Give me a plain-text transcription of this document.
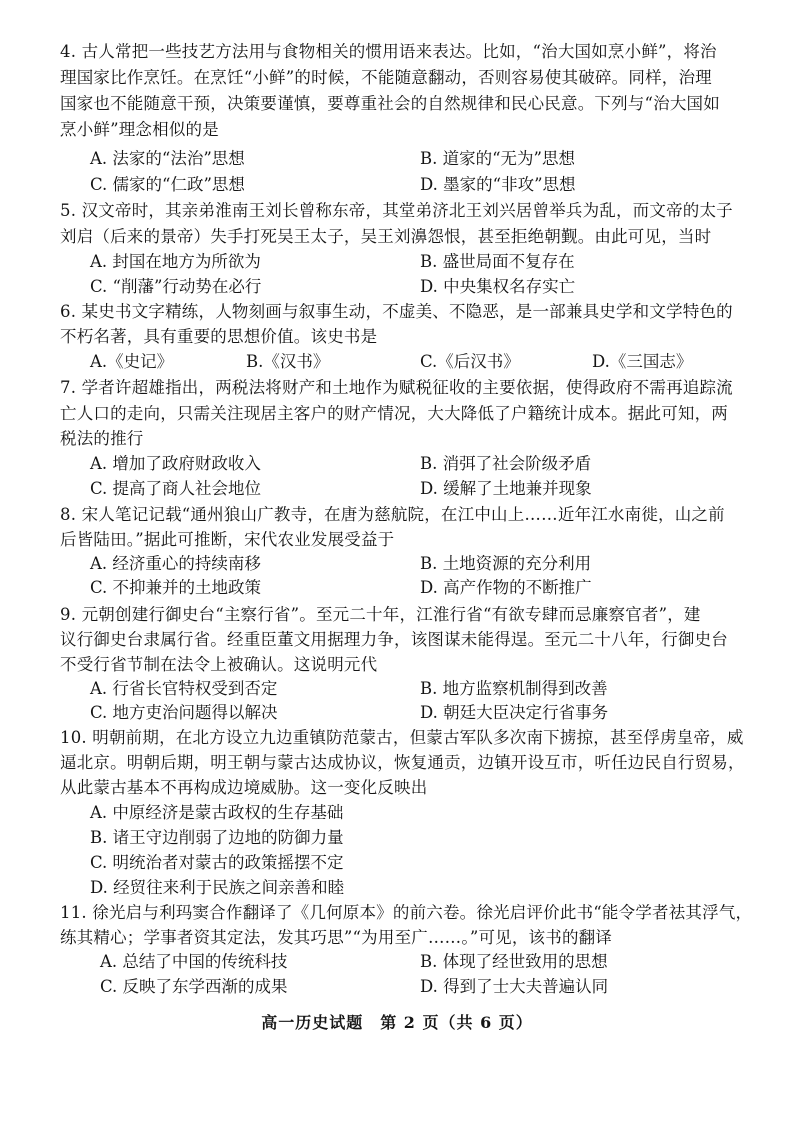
4. 古人常把一些技艺方法用与食物相关的惯用语来表达。比如，“治大国如烹小鲜”，将治
理国家比作烹饪。在烹饪“小鲜”的时候，不能随意翻动，否则容易使其破碎。同样，治理
国家也不能随意干预，决策要谨慎，要尊重社会的自然规律和民心民意。下列与“治大国如
烹小鲜”理念相似的是
A. 法家的“法治”思想	B. 道家的“无为”思想
C. 儒家的“仁政”思想	D. 墨家的“非攻”思想
5. 汉文帝时，其亲弟淮南王刘长曾称东帝，其堂弟济北王刘兴居曾举兵为乱，而文帝的太子
刘启（后来的景帝）失手打死吴王太子，吴王刘濞怨恨，甚至拒绝朝觐。由此可见，当时
A. 封国在地方为所欲为	B. 盛世局面不复存在
C. “削藩”行动势在必行	D. 中央集权名存实亡
6. 某史书文字精练，人物刻画与叙事生动，不虚美、不隐恶，是一部兼具史学和文学特色的
不朽名著，具有重要的思想价值。该史书是
A.《史记》	B.《汉书》	C.《后汉书》	D.《三国志》
7. 学者许超雄指出，两税法将财产和土地作为赋税征收的主要依据，使得政府不需再追踪流
亡人口的走向，只需关注现居主客户的财产情况，大大降低了户籍统计成本。据此可知，两
税法的推行
A. 增加了政府财政收入	B. 消弭了社会阶级矛盾
C. 提高了商人社会地位	D. 缓解了土地兼并现象
8. 宋人笔记记载“通州狼山广教寺，在唐为慈航院，在江中山上……近年江水南徙，山之前
后皆陆田。”据此可推断，宋代农业发展受益于
A. 经济重心的持续南移	B. 土地资源的充分利用
C. 不抑兼并的土地政策	D. 高产作物的不断推广
9. 元朝创建行御史台“主察行省”。至元二十年，江淮行省“有欲专肆而忌廉察官者”，建
议行御史台隶属行省。经重臣董文用据理力争，该图谋未能得逞。至元二十八年，行御史台
不受行省节制在法令上被确认。这说明元代
A. 行省长官特权受到否定	B. 地方监察机制得到改善
C. 地方吏治问题得以解决	D. 朝廷大臣决定行省事务
10. 明朝前期，在北方设立九边重镇防范蒙古，但蒙古军队多次南下掳掠，甚至俘虏皇帝，威
逼北京。明朝后期，明王朝与蒙古达成协议，恢复通贡，边镇开设互市，听任边民自行贸易，
从此蒙古基本不再构成边境威胁。这一变化反映出
A. 中原经济是蒙古政权的生存基础
B. 诸王守边削弱了边地的防御力量
C. 明统治者对蒙古的政策摇摆不定
D. 经贸往来利于民族之间亲善和睦
11. 徐光启与利玛窦合作翻译了《几何原本》的前六卷。徐光启评价此书“能令学者祛其浮气，
练其精心；学事者资其定法，发其巧思”“为用至广……。”可见，该书的翻译
A. 总结了中国的传统科技	B. 体现了经世致用的思想
C. 反映了东学西渐的成果	D. 得到了士大夫普遍认同
高一历史试题　第 2 页（共 6 页）
